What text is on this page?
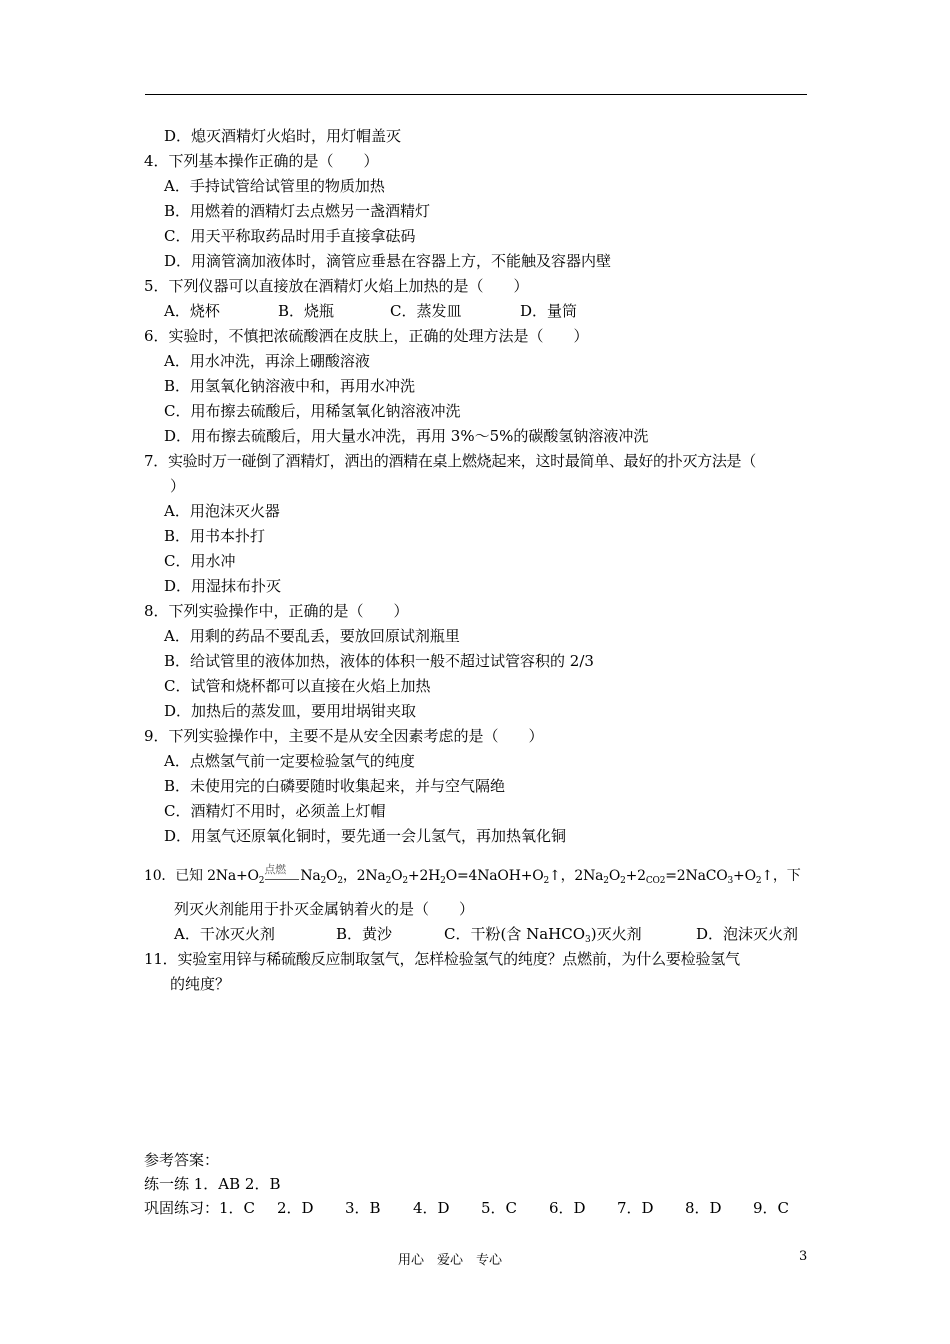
D．熄灭酒精灯火焰时，用灯帽盖灭
4．下列基本操作正确的是（　　）
A．手持试管给试管里的物质加热
B．用燃着的酒精灯去点燃另一盏酒精灯
C．用天平称取药品时用手直接拿砝码
D．用滴管滴加液体时，滴管应垂悬在容器上方，不能触及容器内壁
5．下列仪器可以直接放在酒精灯火焰上加热的是（　　）
A．烧杯	B．烧瓶	C．蒸发皿	D．量筒
6．实验时，不慎把浓硫酸洒在皮肤上，正确的处理方法是（　　）
A．用水冲洗，再涂上硼酸溶液
B．用氢氧化钠溶液中和，再用水冲洗
C．用布擦去硫酸后，用稀氢氧化钠溶液冲洗
D．用布擦去硫酸后，用大量水冲洗，再用 3%～5%的碳酸氢钠溶液冲洗
7．实验时万一碰倒了酒精灯，洒出的酒精在桌上燃烧起来，这时最简单、最好的扑灭方法是（
）
A．用泡沫灭火器
B．用书本扑打
C．用水冲
D．用湿抹布扑灭
8．下列实验操作中，正确的是（　　）
A．用剩的药品不要乱丢，要放回原试剂瓶里
B．给试管里的液体加热，液体的体积一般不超过试管容积的 2/3
C．试管和烧杯都可以直接在火焰上加热
D．加热后的蒸发皿，要用坩埚钳夹取
9．下列实验操作中，主要不是从安全因素考虑的是（　　）
A．点燃氢气前一定要检验氢气的纯度
B．未使用完的白磷要随时收集起来，并与空气隔绝
C．酒精灯不用时，必须盖上灯帽
D．用氢气还原氧化铜时，要先通一会儿氢气，再加热氧化铜
10．已知 $2Na+O_2$
点燃 $Na_2O_2$，$2Na_2O_2+2H_2O=4NaOH+O_2↑$，$2Na_2O_2+2_{CO2}=2NaCO_3+O_2↑$，下
列灭火剂能用于扑灭金属钠着火的是（　　）
A．干冰灭火剂	B．黄沙	C．干粉(含 NaHCO$_3$)灭火剂	D．泡沫灭火剂
11．实验室用锌与稀硫酸反应制取氢气，怎样检验氢气的纯度？点燃前，为什么要检验氢气
的纯度？
参考答案：
练一练 1．AB 2．B
巩固练习：1．C 2．D 3．B 4．D 5．C 6．D 7．D 8．D 9．C
用心　爱心　专心	3
